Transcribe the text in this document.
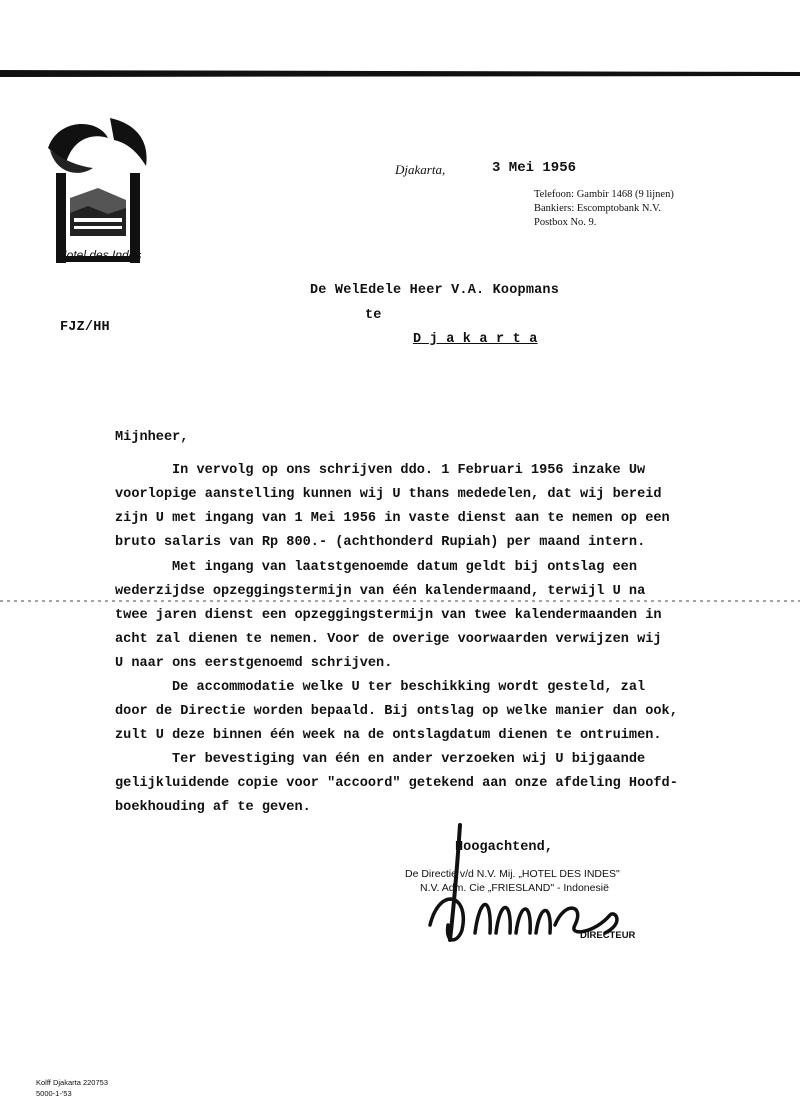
Hotel des Indes
Djakarta,	3 Mei 1956
Telefoon: Gambir 1468 (9 lijnen)
Bankiers: Escomptobank N.V.
Postbox No. 9.
De WelEdele Heer V.A. Koopmans
te
D j a k a r t a
FJZ/HH
Mijnheer,
In vervolg op ons schrijven ddo. 1 Februari 1956 inzake Uw
voorlopige aanstelling kunnen wij U thans mededelen, dat wij bereid
zijn U met ingang van 1 Mei 1956 in vaste dienst aan te nemen op een
bruto salaris van Rp 800.- (achthonderd Rupiah) per maand intern.
Met ingang van laatstgenoemde datum geldt bij ontslag een
wederzijdse opzeggingstermijn van één kalendermaand, terwijl U na
twee jaren dienst een opzeggingstermijn van twee kalendermaanden in
acht zal dienen te nemen. Voor de overige voorwaarden verwijzen wij
U naar ons eerstgenoemd schrijven.
De accommodatie welke U ter beschikking wordt gesteld, zal
door de Directie worden bepaald. Bij ontslag op welke manier dan ook,
zult U deze binnen één week na de ontslagdatum dienen te ontruimen.
Ter bevestiging van één en ander verzoeken wij U bijgaande
gelijkluidende copie voor "accoord" getekend aan onze afdeling Hoofd-
boekhouding af te geven.
Hoogachtend,
De Directie v/d N.V. Mij. „HOTEL DES INDES"
N.V. Adm. Cie „FRIESLAND" - Indonesië
DIRECTEUR
Kolff Djakarta 220753
5000-1-'53
